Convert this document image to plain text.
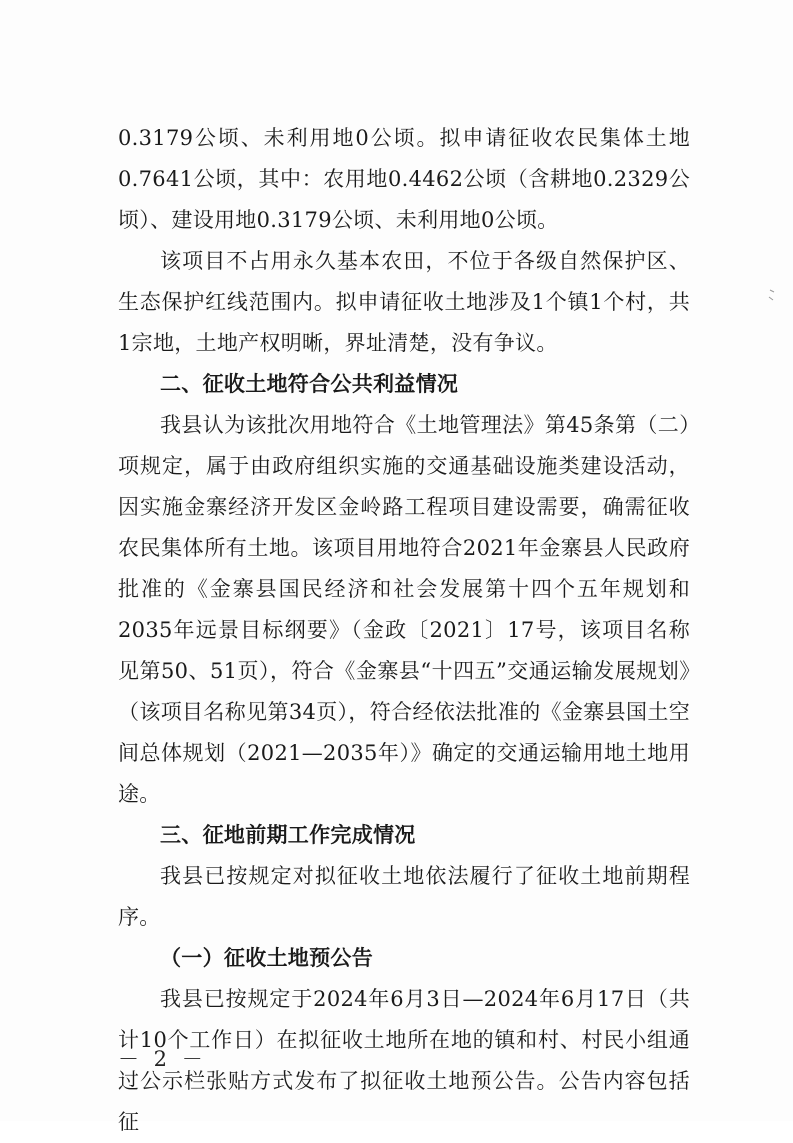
0.3179公顷、未利用地0公顷。拟申请征收农民集体土地0.7641公顷，其中：农用地0.4462公顷（含耕地0.2329公顷）、建设用地0.3179公顷、未利用地0公顷。

该项目不占用永久基本农田，不位于各级自然保护区、生态保护红线范围内。拟申请征收土地涉及1个镇1个村，共1宗地，土地产权明晰，界址清楚，没有争议。

二、征收土地符合公共利益情况

我县认为该批次用地符合《土地管理法》第45条第（二）项规定，属于由政府组织实施的交通基础设施类建设活动，因实施金寨经济开发区金岭路工程项目建设需要，确需征收农民集体所有土地。该项目用地符合2021年金寨县人民政府批准的《金寨县国民经济和社会发展第十四个五年规划和2035年远景目标纲要》（金政〔2021〕17号，该项目名称见第50、51页），符合《金寨县“十四五”交通运输发展规划》（该项目名称见第34页），符合经依法批准的《金寨县国土空间总体规划（2021—2035年）》确定的交通运输用地土地用途。

三、征地前期工作完成情况

我县已按规定对拟征收土地依法履行了征收土地前期程序。

（一）征收土地预公告

我县已按规定于2024年6月3日—2024年6月17日（共计10个工作日）在拟征收土地所在地的镇和村、村民小组通过公示栏张贴方式发布了拟征收土地预公告。公告内容包括征

－ 2 －
